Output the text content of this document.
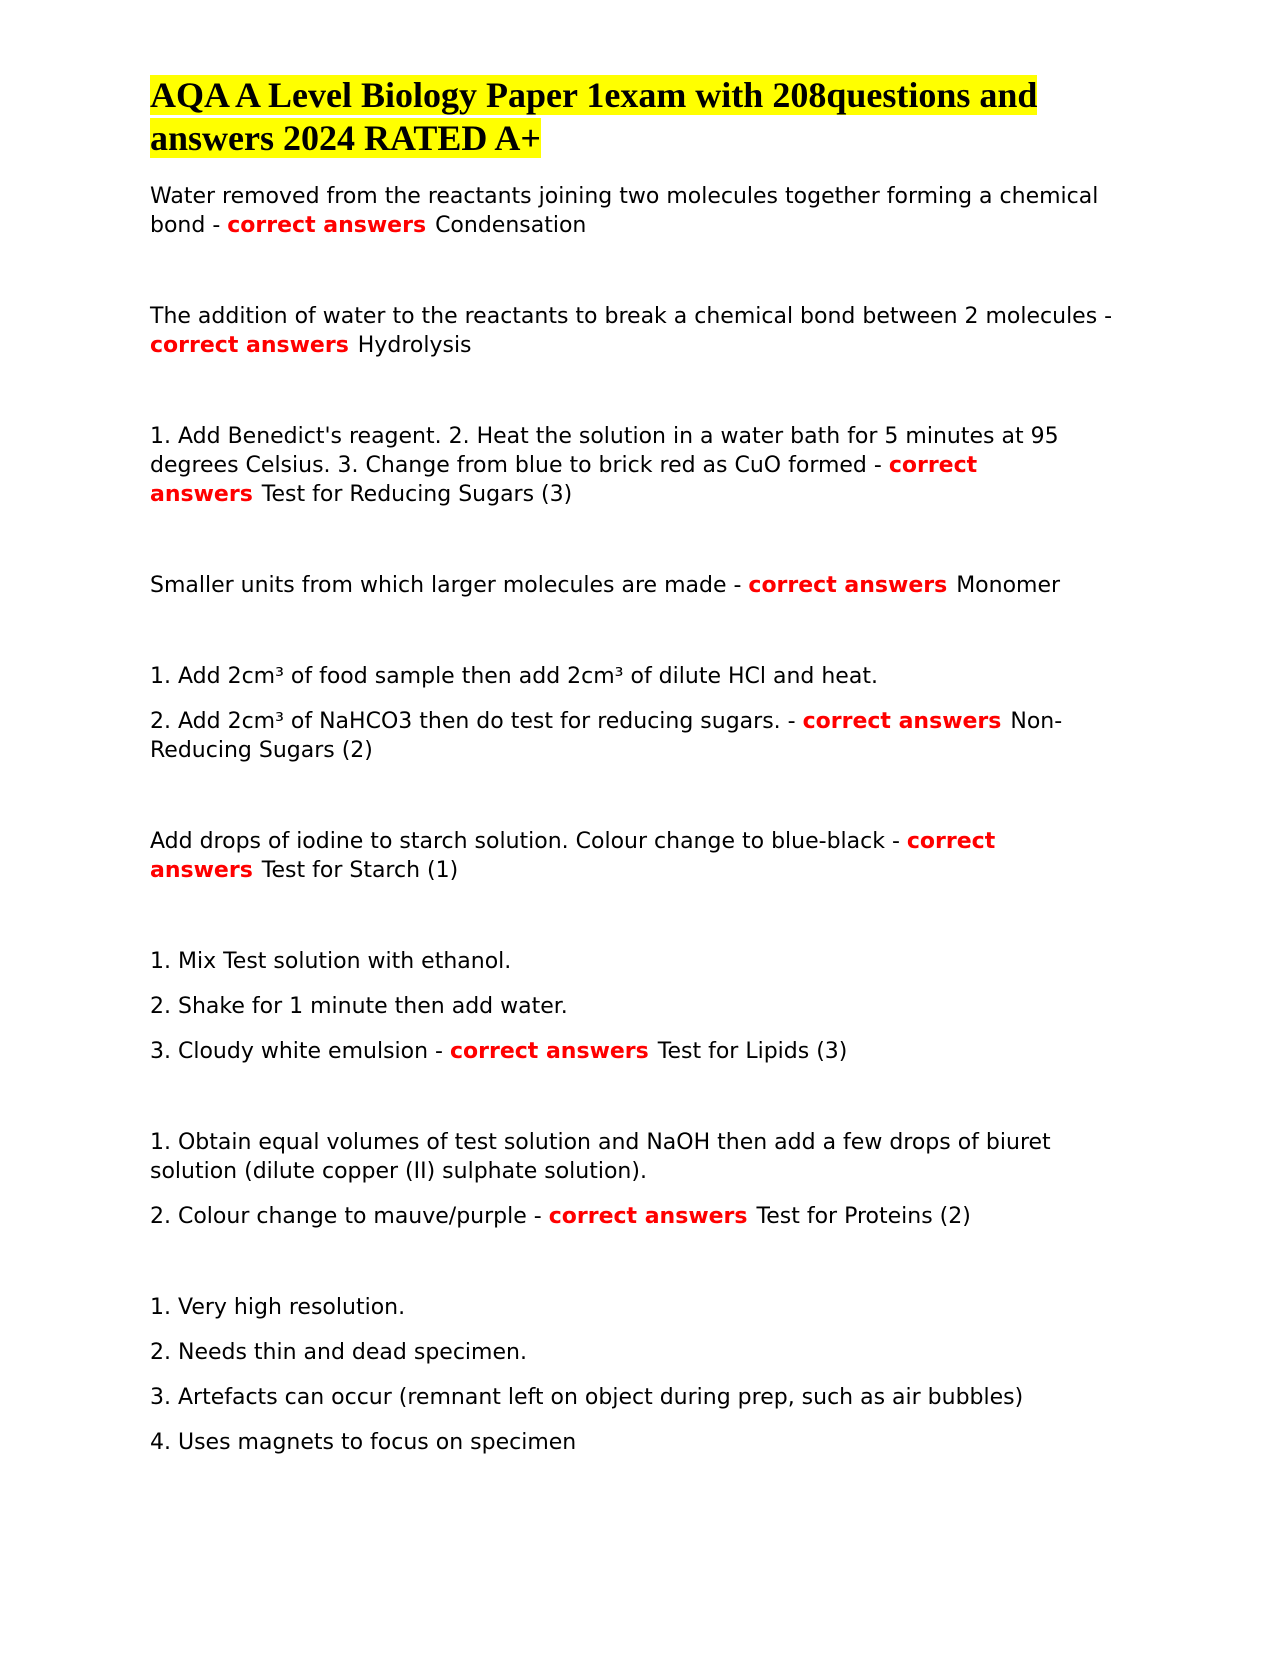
AQA A Level Biology Paper 1exam with 208questions and answers 2024 RATED A+
Water removed from the reactants joining two molecules together forming a chemical bond - correct answers Condensation
The addition of water to the reactants to break a chemical bond between 2 molecules - correct answers Hydrolysis
1. Add Benedict's reagent. 2. Heat the solution in a water bath for 5 minutes at 95 degrees Celsius. 3. Change from blue to brick red as CuO formed - correct answers Test for Reducing Sugars (3)
Smaller units from which larger molecules are made - correct answers Monomer
1. Add 2cm³ of food sample then add 2cm³ of dilute HCl and heat.
2. Add 2cm³ of NaHCO3 then do test for reducing sugars. - correct answers Non-Reducing Sugars (2)
Add drops of iodine to starch solution. Colour change to blue-black - correct answers Test for Starch (1)
1. Mix Test solution with ethanol.
2. Shake for 1 minute then add water.
3. Cloudy white emulsion - correct answers Test for Lipids (3)
1. Obtain equal volumes of test solution and NaOH then add a few drops of biuret solution (dilute copper (II) sulphate solution).
2. Colour change to mauve/purple - correct answers Test for Proteins (2)
1. Very high resolution.
2. Needs thin and dead specimen.
3. Artefacts can occur (remnant left on object during prep, such as air bubbles)
4. Uses magnets to focus on specimen
